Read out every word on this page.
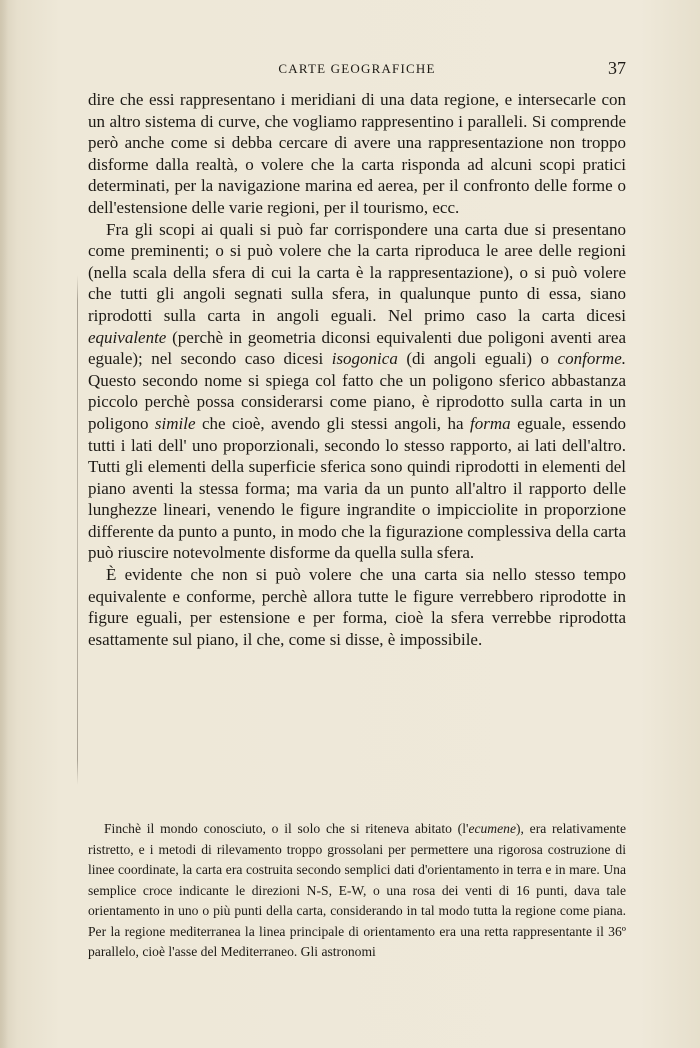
CARTE GEOGRAFICHE	37

dire che essi rappresentano i meridiani di una data regione, e intersecarle con un altro sistema di curve, che vogliamo rappresentino i paralleli. Si comprende però anche come si debba cercare di avere una rappresentazione non troppo disforme dalla realtà, o volere che la carta risponda ad alcuni scopi pratici determinati, per la navigazione marina ed aerea, per il confronto delle forme o dell'estensione delle varie regioni, per il tourismo, ecc.

Fra gli scopi ai quali si può far corrispondere una carta due si presentano come preminenti; o si può volere che la carta riproduca le aree delle regioni (nella scala della sfera di cui la carta è la rappresentazione), o si può volere che tutti gli angoli segnati sulla sfera, in qualunque punto di essa, siano riprodotti sulla carta in angoli eguali. Nel primo caso la carta dicesi equivalente (perchè in geometria diconsi equivalenti due poligoni aventi area eguale); nel secondo caso dicesi isogonica (di angoli eguali) o conforme. Questo secondo nome si spiega col fatto che un poligono sferico abbastanza piccolo perchè possa considerarsi come piano, è riprodotto sulla carta in un poligono simile che cioè, avendo gli stessi angoli, ha forma eguale, essendo tutti i lati dell' uno proporzionali, secondo lo stesso rapporto, ai lati dell'altro. Tutti gli elementi della superficie sferica sono quindi riprodotti in elementi del piano aventi la stessa forma; ma varia da un punto all'altro il rapporto delle lunghezze lineari, venendo le figure ingrandite o impicciolite in proporzione differente da punto a punto, in modo che la figurazione complessiva della carta può riuscire notevolmente disforme da quella sulla sfera.

È evidente che non si può volere che una carta sia nello stesso tempo equivalente e conforme, perchè allora tutte le figure verrebbero riprodotte in figure eguali, per estensione e per forma, cioè la sfera verrebbe riprodotta esattamente sul piano, il che, come si disse, è impossibile.

Finchè il mondo conosciuto, o il solo che si riteneva abitato (l'ecumene), era relativamente ristretto, e i metodi di rilevamento troppo grossolani per permettere una rigorosa costruzione di linee coordinate, la carta era costruita secondo semplici dati d'orientamento in terra e in mare. Una semplice croce indicante le direzioni N-S, E-W, o una rosa dei venti di 16 punti, dava tale orientamento in uno o più punti della carta, considerando in tal modo tutta la regione come piana. Per la regione mediterranea la linea principale di orientamento era una retta rappresentante il 36º parallelo, cioè l'asse del Mediterraneo. Gli astronomi
